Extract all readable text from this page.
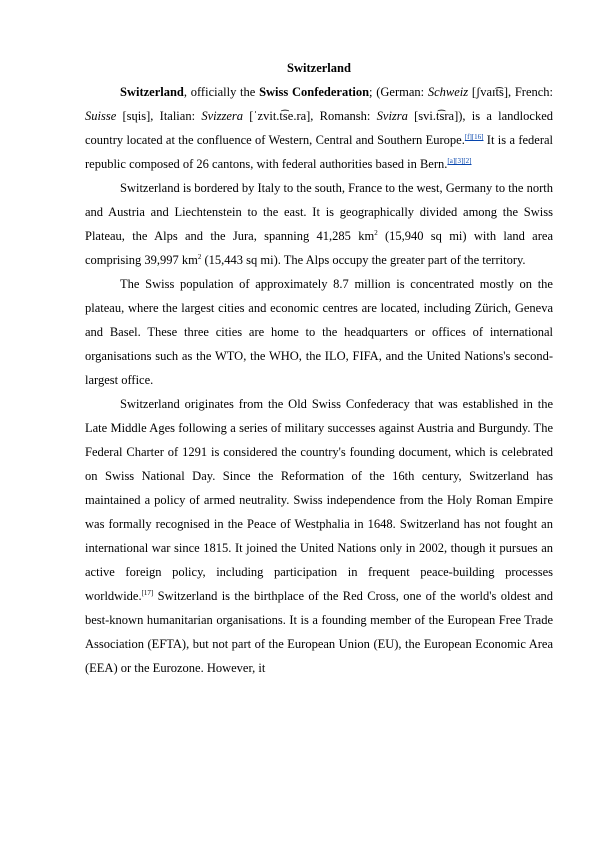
Switzerland

Switzerland, officially the Swiss Confederation; (German: Schweiz [ʃvaɪ͡ts], French: Suisse [sɥis], Italian: Svizzera [ˈzvit.t͡se.ra], Romansh: Svizra [svi.t͡sra]), is a landlocked country located at the confluence of Western, Central and Southern Europe.[f][16] It is a federal republic composed of 26 cantons, with federal authorities based in Bern.[a][3][2]

Switzerland is bordered by Italy to the south, France to the west, Germany to the north and Austria and Liechtenstein to the east. It is geographically divided among the Swiss Plateau, the Alps and the Jura, spanning 41,285 $km^2$ (15,940 sq mi) with land area comprising 39,997 $km^2$ (15,443 sq mi). The Alps occupy the greater part of the territory.

The Swiss population of approximately 8.7 million is concentrated mostly on the plateau, where the largest cities and economic centres are located, including Zürich, Geneva and Basel. These three cities are home to the headquarters or offices of international organisations such as the WTO, the WHO, the ILO, FIFA, and the United Nations's second-largest office.

Switzerland originates from the Old Swiss Confederacy that was established in the Late Middle Ages following a series of military successes against Austria and Burgundy. The Federal Charter of 1291 is considered the country's founding document, which is celebrated on Swiss National Day. Since the Reformation of the 16th century, Switzerland has maintained a policy of armed neutrality. Swiss independence from the Holy Roman Empire was formally recognised in the Peace of Westphalia in 1648. Switzerland has not fought an international war since 1815. It joined the United Nations only in 2002, though it pursues an active foreign policy, including participation in frequent peace-building processes worldwide.[17] Switzerland is the birthplace of the Red Cross, one of the world's oldest and best-known humanitarian organisations. It is a founding member of the European Free Trade Association (EFTA), but not part of the European Union (EU), the European Economic Area (EEA) or the Eurozone. However, it
